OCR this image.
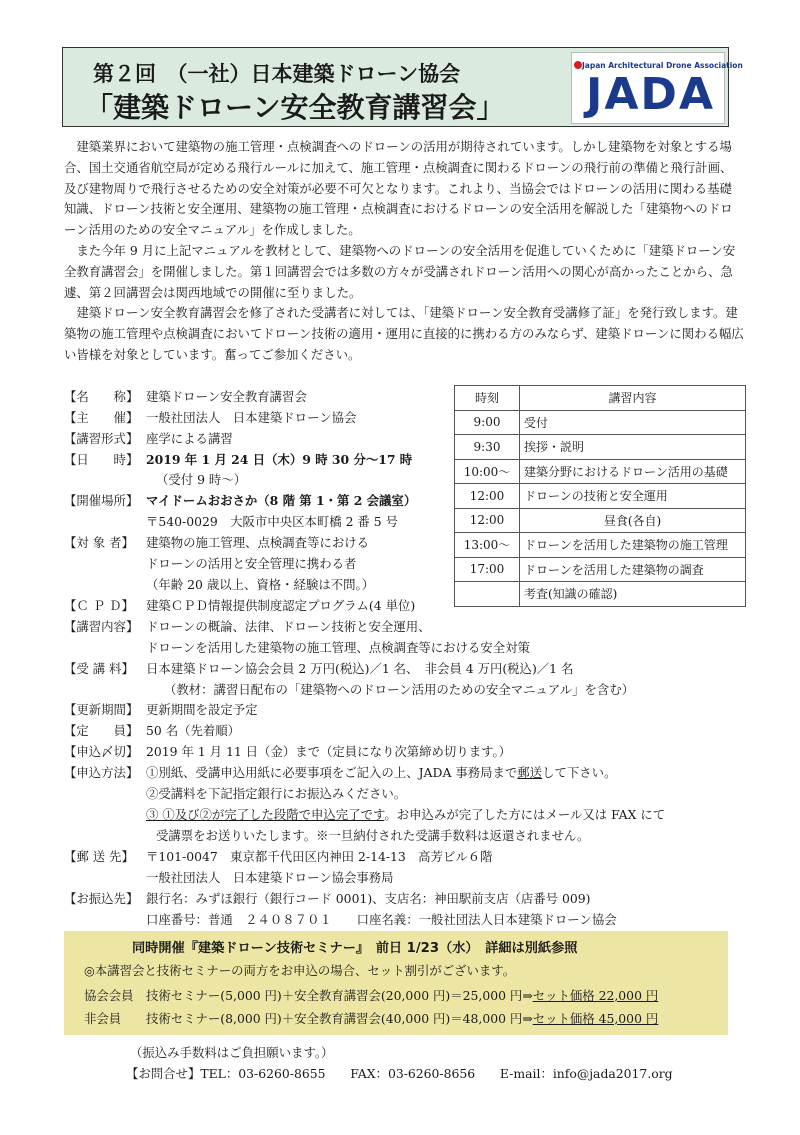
第２回　（一社）日本建築ドローン協会
「建築ドローン安全教育講習会」
Japan Architectural Drone Association
JADA

建築業界において建築物の施工管理・点検調査へのドローンの活用が期待されています。しかし建築物を対象とする場合、国土交通省航空局が定める飛行ルールに加えて、施工管理・点検調査に関わるドローンの飛行前の準備と飛行計画、及び建物周りで飛行させるための安全対策が必要不可欠となります。これより、当協会ではドローンの活用に関わる基礎知識、ドローン技術と安全運用、建築物の施工管理・点検調査におけるドローンの安全活用を解説した「建築物へのドローン活用のための安全マニュアル」を作成しました。

また今年 9 月に上記マニュアルを教材として、建築物へのドローンの安全活用を促進していくために「建築ドローン安全教育講習会」を開催しました。第１回講習会では多数の方々が受講されドローン活用への関心が高かったことから、急遽、第２回講習会は関西地域での開催に至りました。

建築ドローン安全教育講習会を修了された受講者に対しては、「建築ドローン安全教育受講修了証」を発行致します。建築物の施工管理や点検調査においてドローン技術の適用・運用に直接的に携わる方のみならず、建築ドローンに関わる幅広い皆様を対象としています。奮ってご参加ください。

【名　　称】 建築ドローン安全教育講習会
【主　　催】 一般社団法人　日本建築ドローン協会
【講習形式】 座学による講習
【日　　時】 2019 年 1 月 24 日（木）9 時 30 分～17 時
（受付 9 時～）
【開催場所】 マイドームおおさか（8 階 第 1・第 2 会議室）
〒540-0029　大阪市中央区本町橋 2 番 5 号
【対 象 者】 建築物の施工管理、点検調査等における
ドローンの活用と安全管理に携わる者
（年齢 20 歳以上、資格・経験は不問。）
【Ｃ Ｐ Ｄ】 建築ＣＰＤ情報提供制度認定プログラム(4 単位)
【講習内容】 ドローンの概論、法律、ドローン技術と安全運用、
ドローンを活用した建築物の施工管理、点検調査等における安全対策
【受 講 料】 日本建築ドローン協会会員 2 万円(税込)／1 名、　非会員 4 万円(税込)／1 名
（教材：講習日配布の「建築物へのドローン活用のための安全マニュアル」を含む）
【更新期間】 更新期間を設定予定
【定　　員】 50 名（先着順）
【申込〆切】 2019 年 1 月 11 日（金）まで（定員になり次第締め切ります。）
【申込方法】 ①別紙、受講申込用紙に必要事項をご記入の上、JADA 事務局まで郵送して下さい。
②受講料を下記指定銀行にお振込みください。
③ ①及び②が完了した段階で申込完了です。お申込みが完了した方にはメール又は FAX にて
受講票をお送りいたします。※一旦納付された受講手数料は返還されません。
【郵 送 先】 〒101-0047　東京都千代田区内神田 2-14-13　高芳ビル６階
一般社団法人　日本建築ドローン協会事務局
【お振込先】 銀行名：みずほ銀行（銀行コード 0001)、支店名：神田駅前支店（店番号 009)
口座番号：普通　２４０８７０１　　口座名義：一般社団法人日本建築ドローン協会
時刻	講習内容
9:00	受付
9:30	挨拶・説明
10:00～	建築分野におけるドローン活用の基礎
12:00	ドローンの技術と安全運用
12:00	昼食(各自)
13:00～	ドローンを活用した建築物の施工管理
17:00	ドローンを活用した建築物の調査
	考査(知識の確認)
同時開催『建築ドローン技術セミナー』　前日 1/23（水）　詳細は別紙参照
◎本講習会と技術セミナーの両方をお申込の場合、セット割引がございます。
協会会員　技術セミナー(5,000 円)＋安全教育講習会(20,000 円)＝25,000 円⇒セット価格 22,000 円
非会員　　技術セミナー(8,000 円)＋安全教育講習会(40,000 円)＝48,000 円⇒セット価格 45,000 円
（振込み手数料はご負担願います。）
【お問合せ】TEL：03-6260-8655　　FAX：03-6260-8656　　E-mail：info@jada2017.org
